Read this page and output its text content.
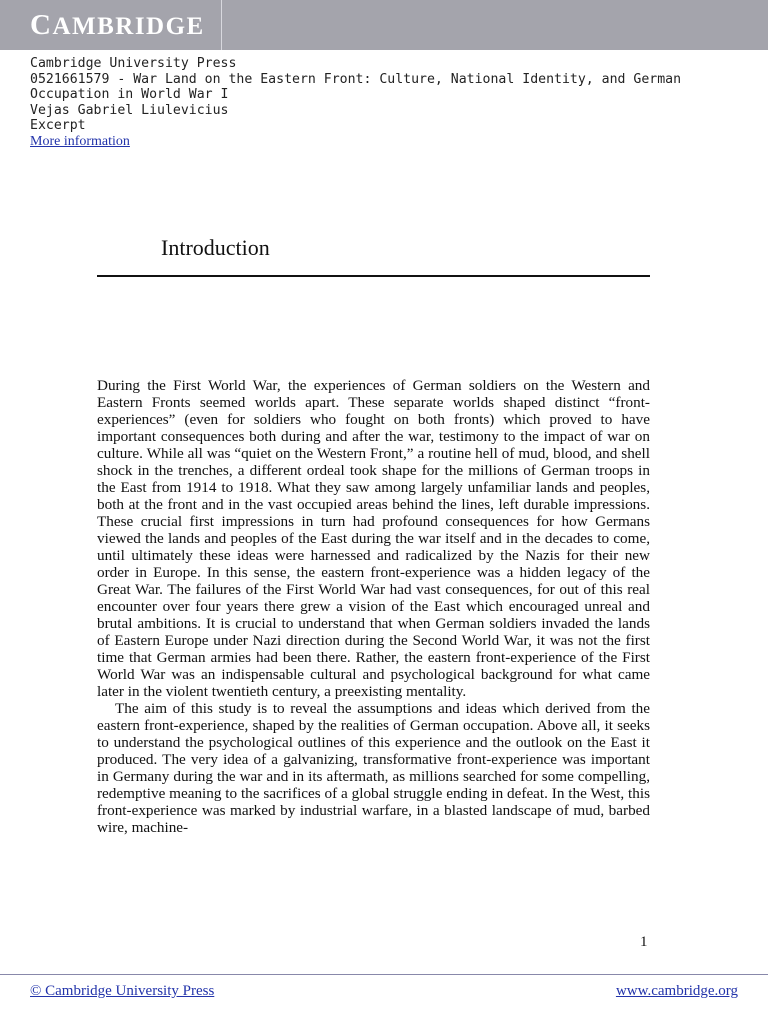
CAMBRIDGE
Cambridge University Press
0521661579 - War Land on the Eastern Front: Culture, National Identity, and German
Occupation in World War I
Vejas Gabriel Liulevicius
Excerpt
More information
Introduction

During the First World War, the experiences of German soldiers on the Western and Eastern Fronts seemed worlds apart. These separate worlds shaped distinct “front-experiences” (even for soldiers who fought on both fronts) which proved to have important consequences both during and after the war, testimony to the impact of war on culture. While all was “quiet on the Western Front,” a routine hell of mud, blood, and shell shock in the trenches, a different ordeal took shape for the millions of German troops in the East from 1914 to 1918. What they saw among largely unfamiliar lands and peoples, both at the front and in the vast occupied areas behind the lines, left durable impressions. These crucial first impressions in turn had profound consequences for how Germans viewed the lands and peoples of the East during the war itself and in the decades to come, until ultimately these ideas were harnessed and radicalized by the Nazis for their new order in Europe. In this sense, the eastern front-experience was a hidden legacy of the Great War. The failures of the First World War had vast consequences, for out of this real encounter over four years there grew a vision of the East which encouraged unreal and brutal ambitions. It is crucial to understand that when German soldiers invaded the lands of Eastern Europe under Nazi direction during the Second World War, it was not the first time that German armies had been there. Rather, the eastern front-experience of the First World War was an indispensable cultural and psychological background for what came later in the violent twentieth century, a preexisting mentality.

The aim of this study is to reveal the assumptions and ideas which derived from the eastern front-experience, shaped by the realities of German occupation. Above all, it seeks to understand the psychological outlines of this experience and the outlook on the East it produced. The very idea of a galvanizing, transformative front-experience was important in Germany during the war and in its aftermath, as millions searched for some compelling, redemptive meaning to the sacrifices of a global struggle ending in defeat. In the West, this front-experience was marked by industrial warfare, in a blasted landscape of mud, barbed wire, machine-

1
© Cambridge University Press	www.cambridge.org
